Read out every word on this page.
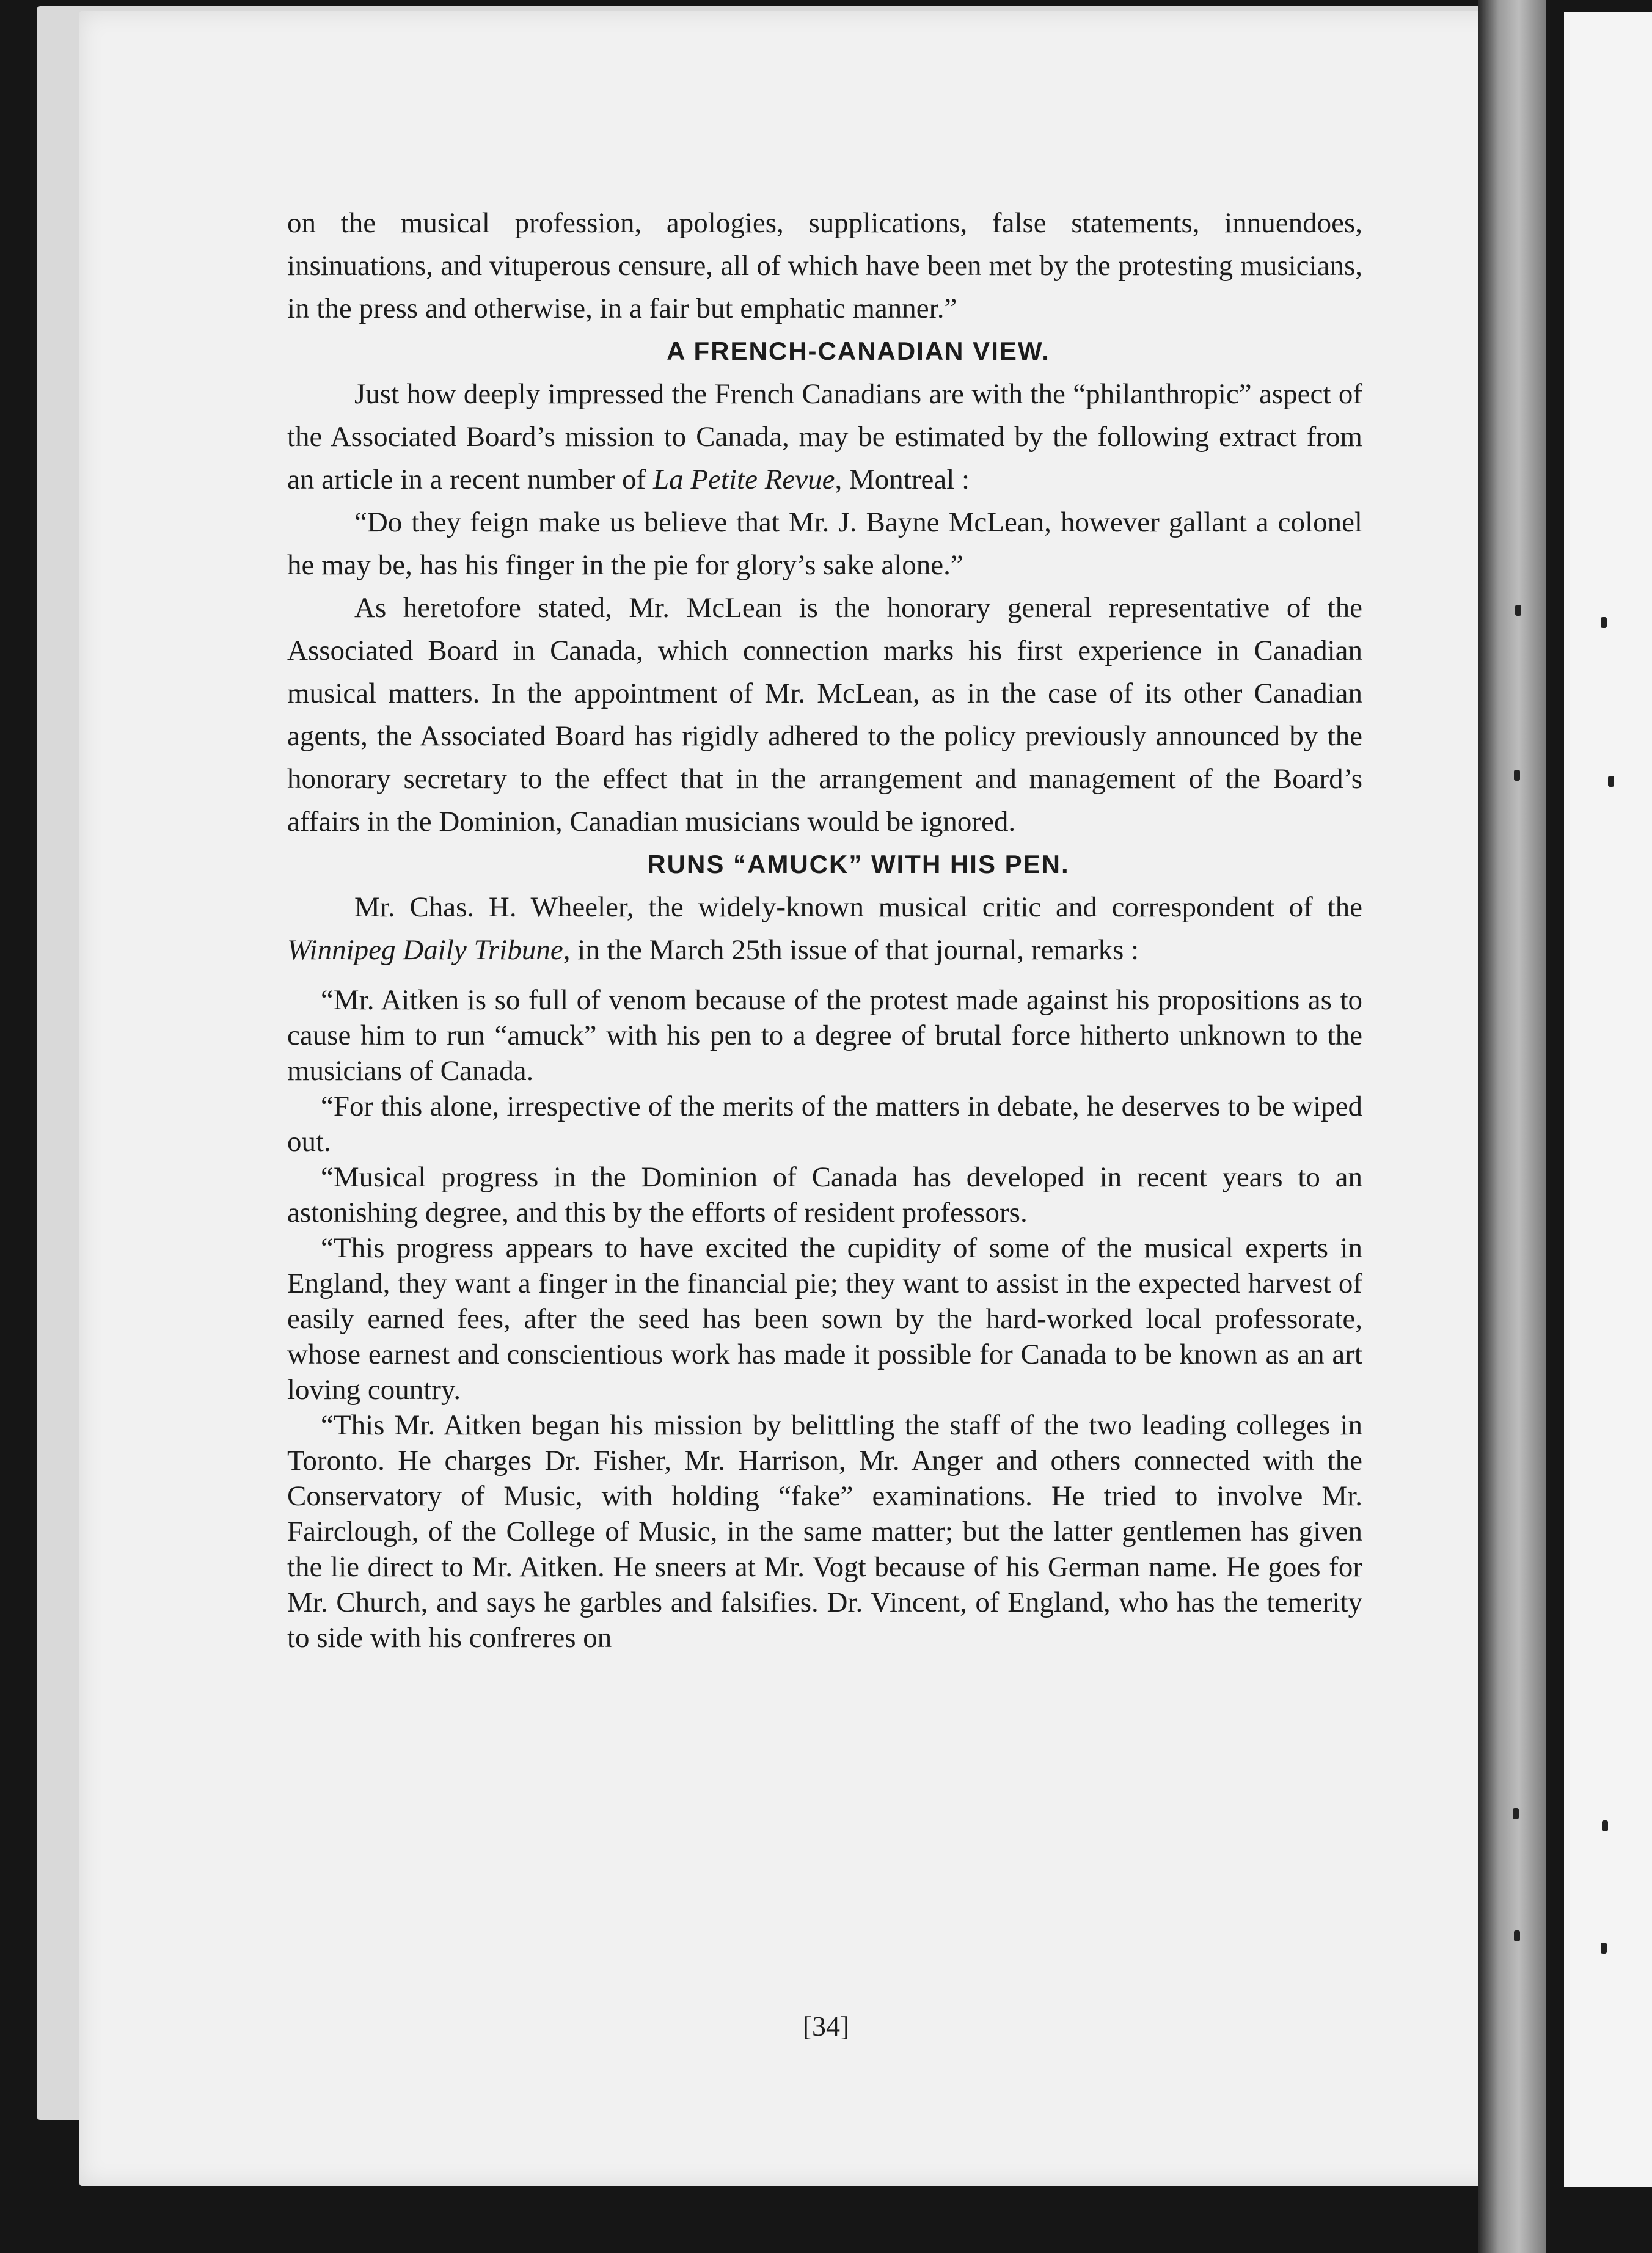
on the musical profession, apologies, supplications, false statements, innuendoes, insinuations, and vituperous censure, all of which have been met by the protesting musicians, in the press and otherwise, in a fair but emphatic manner.”

A FRENCH-CANADIAN VIEW.

Just how deeply impressed the French Canadians are with the “philanthropic” aspect of the Associated Board’s mission to Canada, may be estimated by the following extract from an article in a recent number of La Petite Revue, Montreal :

“Do they feign make us believe that Mr. J. Bayne McLean, however gallant a colonel he may be, has his finger in the pie for glory’s sake alone.”

As heretofore stated, Mr. McLean is the honorary general representative of the Associated Board in Canada, which connection marks his first experience in Canadian musical matters. In the appointment of Mr. McLean, as in the case of its other Canadian agents, the Associated Board has rigidly adhered to the policy previously announced by the honorary secretary to the effect that in the arrangement and management of the Board’s affairs in the Dominion, Canadian musicians would be ignored.

RUNS “AMUCK” WITH HIS PEN.

Mr. Chas. H. Wheeler, the widely-known musical critic and correspondent of the Winnipeg Daily Tribune, in the March 25th issue of that journal, remarks :

“Mr. Aitken is so full of venom because of the protest made against his propositions as to cause him to run “amuck” with his pen to a degree of brutal force hitherto unknown to the musicians of Canada.

“For this alone, irrespective of the merits of the matters in debate, he deserves to be wiped out.

“Musical progress in the Dominion of Canada has developed in recent years to an astonishing degree, and this by the efforts of resident professors.

“This progress appears to have excited the cupidity of some of the musical experts in England, they want a finger in the financial pie; they want to assist in the expected harvest of easily earned fees, after the seed has been sown by the hard-worked local professorate, whose earnest and conscientious work has made it possible for Canada to be known as an art loving country.

“This Mr. Aitken began his mission by belittling the staff of the two leading colleges in Toronto. He charges Dr. Fisher, Mr. Harrison, Mr. Anger and others connected with the Conservatory of Music, with holding “fake” examinations. He tried to involve Mr. Fairclough, of the College of Music, in the same matter; but the latter gentlemen has given the lie direct to Mr. Aitken. He sneers at Mr. Vogt because of his German name. He goes for Mr. Church, and says he garbles and falsifies. Dr. Vincent, of England, who has the temerity to side with his confreres on

[34]
